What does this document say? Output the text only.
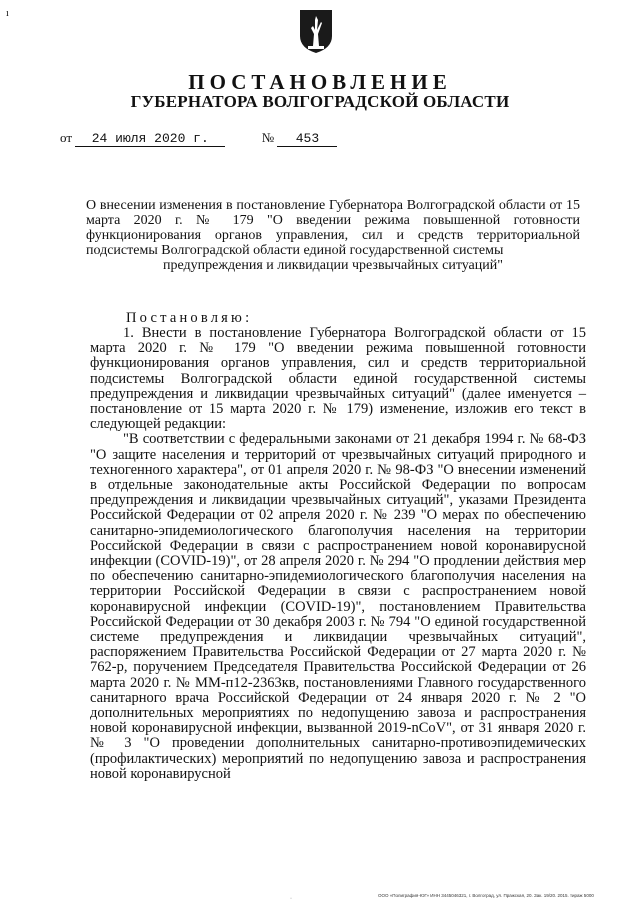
ı
ПОСТАНОВЛЕНИЕ
ГУБЕРНАТОРА ВОЛГОГРАДСКОЙ ОБЛАСТИ
от 24 июля 2020 г.	№ 453
О внесении изменения в постановление Губернатора Волгоградской области от 15 марта 2020 г. № 179 "О введении режима повышенной готовности функционирования органов управления, сил и средств территориальной подсистемы Волгоградской области единой государственной системы
предупреждения и ликвидации чрезвычайных ситуаций"
Постановляю:

1. Внести в постановление Губернатора Волгоградской области от 15 марта 2020 г. № 179 "О введении режима повышенной готовности функционирования органов управления, сил и средств территориальной подсистемы Волгоградской области единой государственной системы предупреждения и ликвидации чрезвычайных ситуаций" (далее именуется – постановление от 15 марта 2020 г. № 179) изменение, изложив его текст в следующей редакции:

"В соответствии с федеральными законами от 21 декабря 1994 г. № 68-ФЗ "О защите населения и территорий от чрезвычайных ситуаций природного и техногенного характера", от 01 апреля 2020 г. № 98-ФЗ "О внесении изменений в отдельные законодательные акты Российской Федерации по вопросам предупреждения и ликвидации чрезвычайных ситуаций", указами Президента Российской Федерации от 02 апреля 2020 г. № 239 "О мерах по обеспечению санитарно-эпидемиологического благополучия населения на территории Российской Федерации в связи с распространением новой коронавирусной инфекции (COVID-19)", от 28 апреля 2020 г. № 294 "О продлении действия мер по обеспечению санитарно-эпидемиологического благополучия населения на территории Российской Федерации в связи с распространением новой коронавирусной инфекции (COVID-19)", постановлением Правительства Российской Федерации от 30 декабря 2003 г. № 794 "О единой государственной системе предупреждения и ликвидации чрезвычайных ситуаций", распоряжением Правительства Российской Федерации от 27 марта 2020 г. № 762-р, поручением Председателя Правительства Российской Федерации от 26 марта 2020 г. № ММ-п12-2363кв, постановлениями Главного государственного санитарного врача Российской Федерации от 24 января 2020 г. № 2 "О дополнительных мероприятиях по недопущению завоза и распространения новой коронавирусной инфекции, вызванной 2019-nCoV", от 31 января 2020 г. № 3 "О проведении дополнительных санитарно-противоэпидемических (профилактических) мероприятий по недопущению завоза и распространения новой коронавирусной

·
ООО «Полиграфия-ЮГ» ИНН 3445046321, г. Волгоград, ул. Пражская, 20. Зак. 19/20. 2015. тираж 5000
